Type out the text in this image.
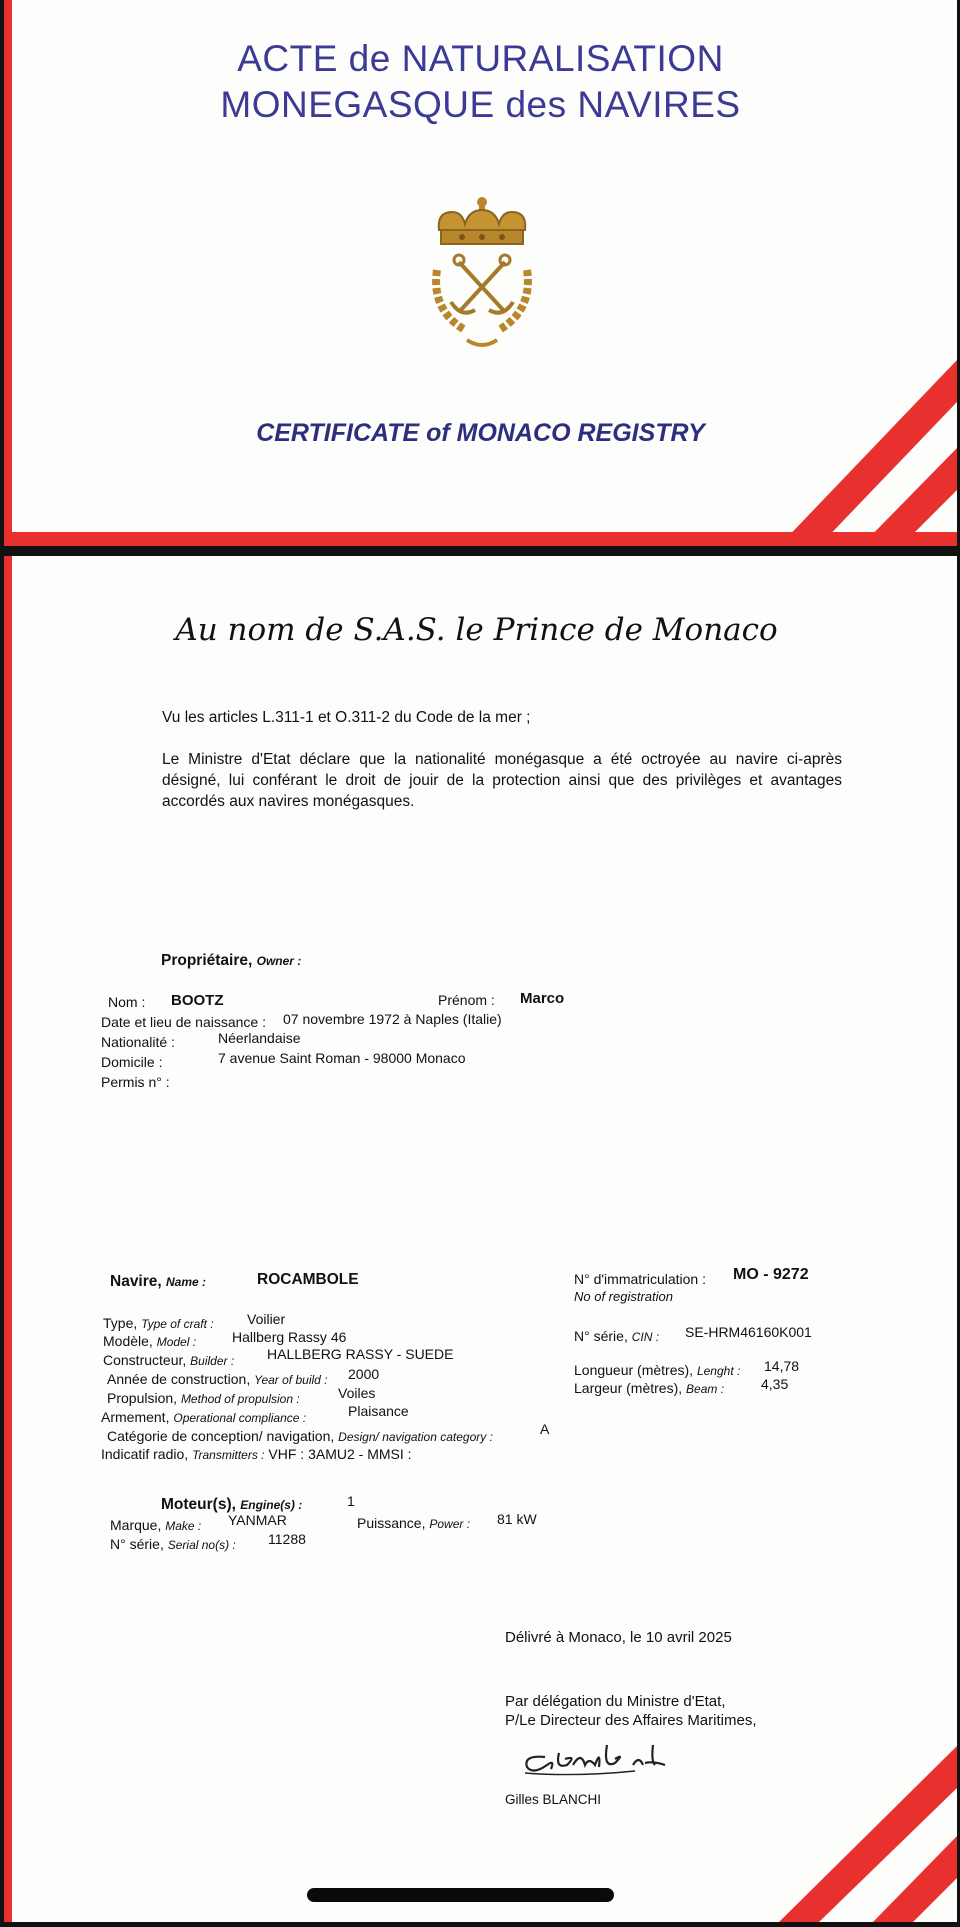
ACTE de NATURALISATION
MONEGASQUE des NAVIRES
CERTIFICATE of MONACO REGISTRY
Au nom de S.A.S. le Prince de Monaco
Vu les articles L.311-1 et O.311-2 du Code de la mer ;
Le Ministre d'Etat déclare que la nationalité monégasque a été octroyée au navire ci-après désigné, lui conférant le droit de jouir de la protection ainsi que des privilèges et avantages accordés aux navires monégasques.
Propriétaire, Owner :
Nom : BOOTZ	Prénom : Marco
Date et lieu de naissance : 07 novembre 1972 à Naples (Italie)
Nationalité :	Néerlandaise
Domicile :	7 avenue Saint Roman - 98000 Monaco
Permis n° :
Navire, Name :	ROCAMBOLE	N° d'immatriculation : MO - 9272
No of registration
Type, Type of craft : Voilier
Modèle, Model :	Hallberg Rassy 46
Constructeur, Builder : HALLBERG RASSY - SUEDE
Année de construction, Year of build : 2000
Propulsion, Method of propulsion :	Voiles
Armement, Operational compliance :	Plaisance
Catégorie de conception/ navigation, Design/ navigation category :	A
Indicatif radio, Transmitters : VHF : 3AMU2 - MMSI :
N° série, CIN : SE-HRM46160K001
Longueur (mètres), Lenght : 14,78
Largeur (mètres), Beam :	4,35
Moteur(s), Engine(s) :	1
Marque, Make : YANMAR	Puissance, Power : 81 kW
N° série, Serial no(s) : 11288
Délivré à Monaco, le 10 avril 2025
Par délégation du Ministre d'Etat,
P/Le Directeur des Affaires Maritimes,
Gilles BLANCHI
